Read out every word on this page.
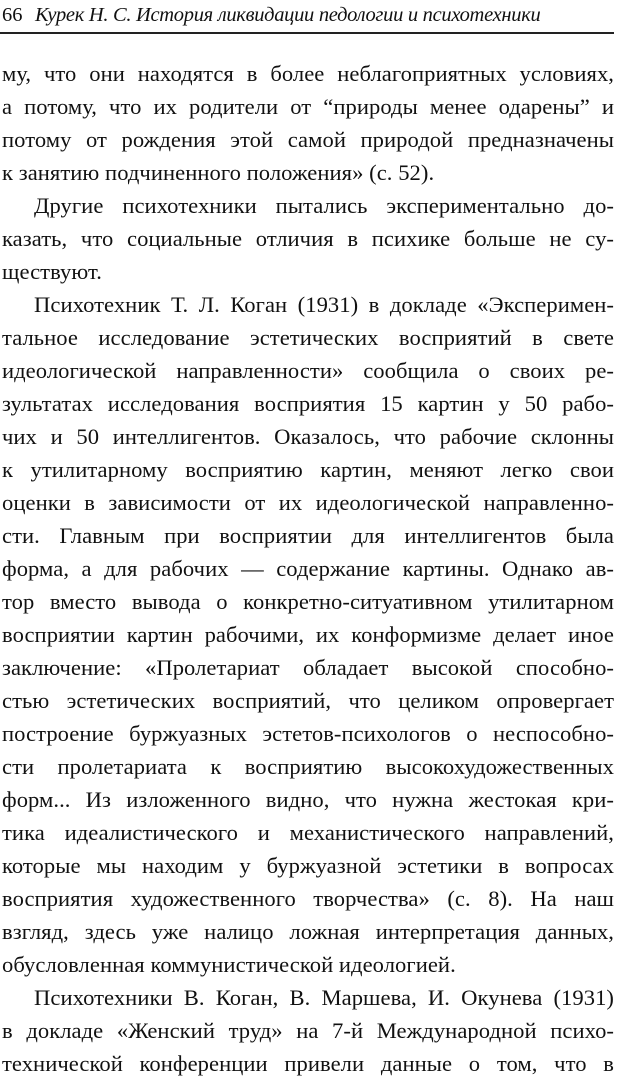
66 Курек Н. С. История ликвидации педологии и психотехники
му, что они находятся в более неблагоприятных условиях,
а потому, что их родители от “природы менее одарены” и
потому от рождения этой самой природой предназначены
к занятию подчиненного положения» (с. 52).
Другие психотехники пытались экспериментально до-
казать, что социальные отличия в психике больше не су-
ществуют.
Психотехник Т. Л. Коган (1931) в докладе «Эксперимен-
тальное исследование эстетических восприятий в свете
идеологической направленности» сообщила о своих ре-
зультатах исследования восприятия 15 картин у 50 рабо-
чих и 50 интеллигентов. Оказалось, что рабочие склонны
к утилитарному восприятию картин, меняют легко свои
оценки в зависимости от их идеологической направленно-
сти. Главным при восприятии для интеллигентов была
форма, а для рабочих — содержание картины. Однако ав-
тор вместо вывода о конкретно-ситуативном утилитарном
восприятии картин рабочими, их конформизме делает иное
заключение: «Пролетариат обладает высокой способно-
стью эстетических восприятий, что целиком опровергает
построение буржуазных эстетов-психологов о неспособно-
сти пролетариата к восприятию высокохудожественных
форм... Из изложенного видно, что нужна жестокая кри-
тика идеалистического и механистического направлений,
которые мы находим у буржуазной эстетики в вопросах
восприятия художественного творчества» (с. 8). На наш
взгляд, здесь уже налицо ложная интерпретация данных,
обусловленная коммунистической идеологией.
Психотехники В. Коган, В. Маршева, И. Окунева (1931)
в докладе «Женский труд» на 7-й Международной психо-
технической конференции привели данные о том, что в
